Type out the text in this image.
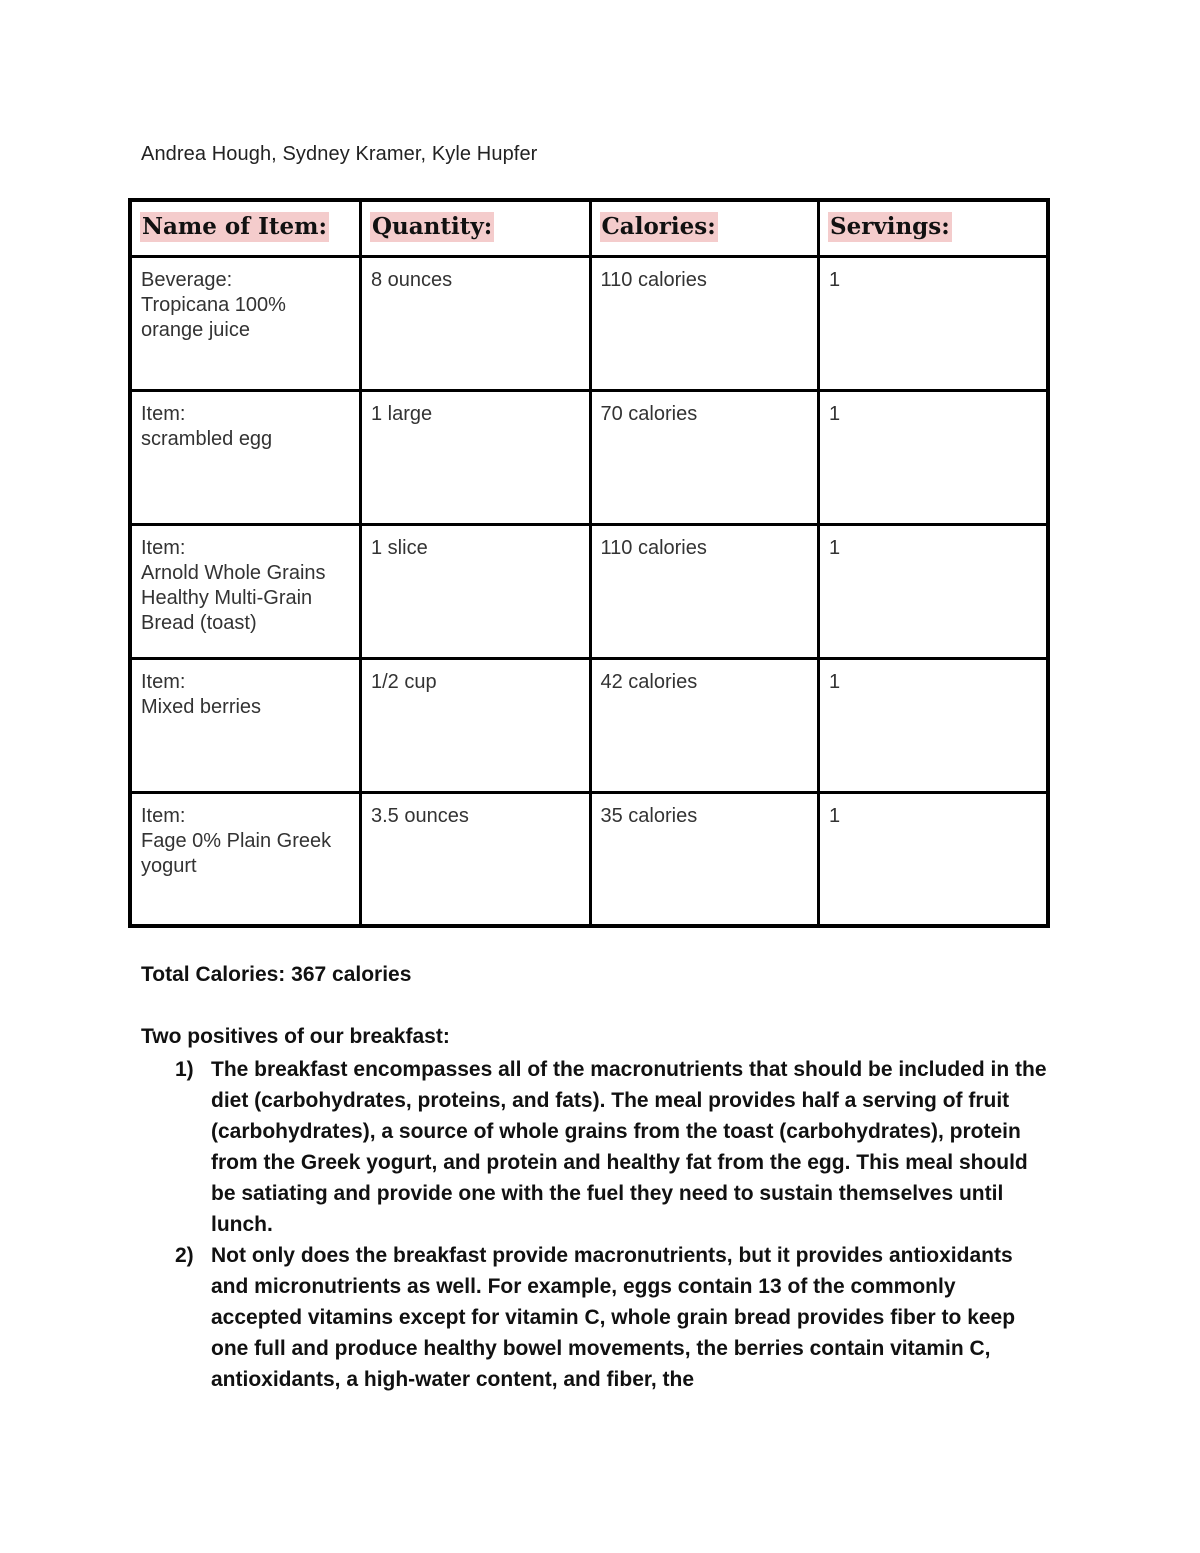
Andrea Hough, Sydney Kramer, Kyle Hupfer
Name of Item:	Quantity:	Calories:	Servings:

Beverage:
Tropicana 100%
orange juice	8 ounces	110 calories	1

Item:
scrambled egg	1 large	70 calories	1

Item:
Arnold Whole Grains
Healthy Multi-Grain
Bread (toast)	1 slice	110 calories	1

Item:
Mixed berries	1/2 cup	42 calories	1

Item:
Fage 0% Plain Greek
yogurt	3.5 ounces	35 calories	1
Total Calories: 367 calories
Two positives of our breakfast:
1) The breakfast encompasses all of the macronutrients that should be included in the diet (carbohydrates, proteins, and fats). The meal provides half a serving of fruit (carbohydrates), a source of whole grains from the toast (carbohydrates), protein from the Greek yogurt, and protein and healthy fat from the egg. This meal should be satiating and provide one with the fuel they need to sustain themselves until lunch.
2) Not only does the breakfast provide macronutrients, but it provides antioxidants and micronutrients as well. For example, eggs contain 13 of the commonly accepted vitamins except for vitamin C, whole grain bread provides fiber to keep one full and produce healthy bowel movements, the berries contain vitamin C, antioxidants, a high-water content, and fiber, the
